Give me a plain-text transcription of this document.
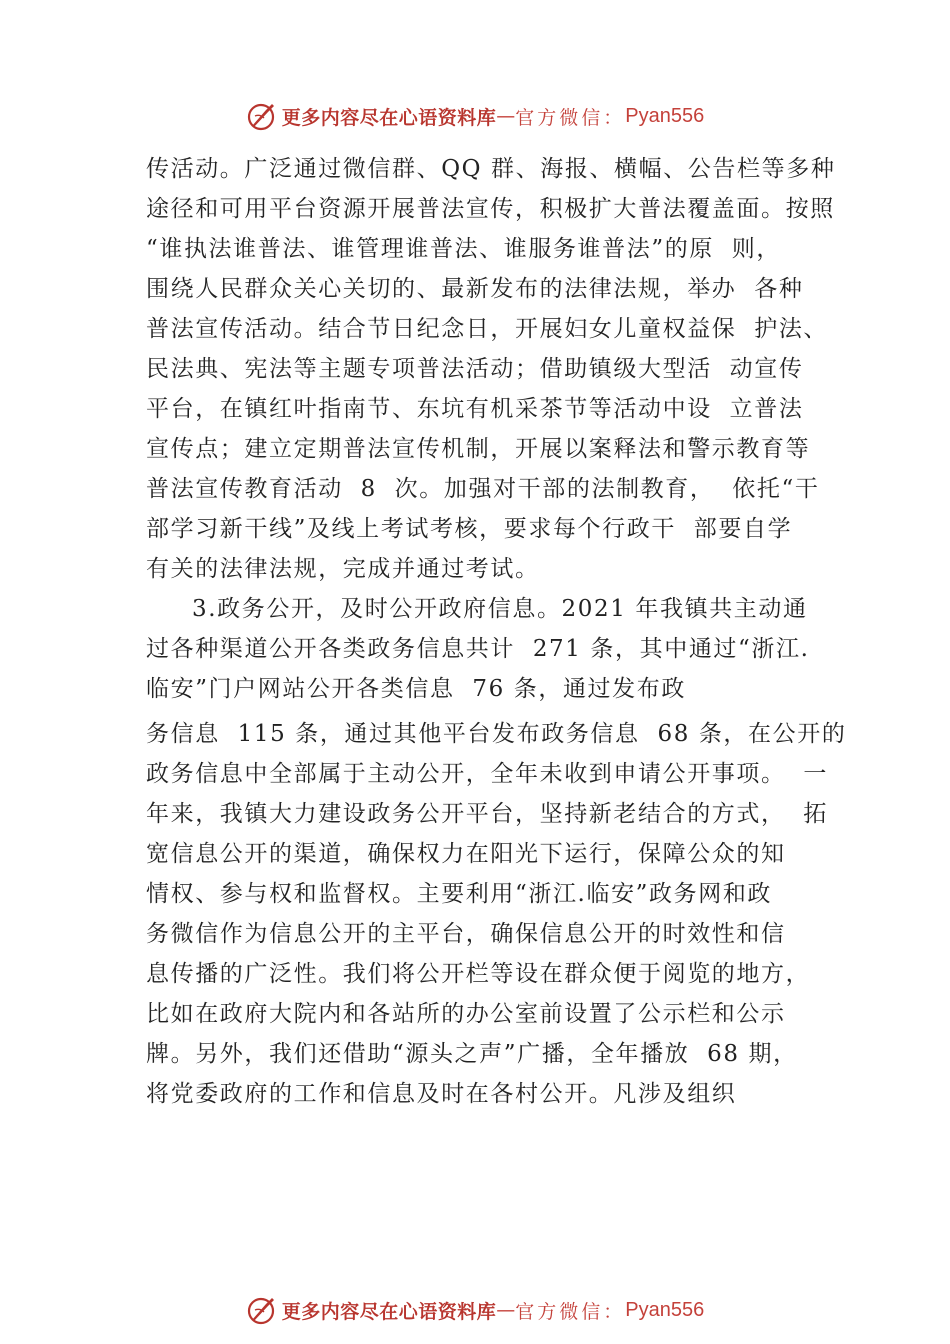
更多内容尽在心语资料库 — 官方微信： Pyan556
传活动。广泛通过微信群、QQ 群、海报、横幅、公告栏等多种
途径和可用平台资源开展普法宣传，积极扩大普法覆盖面。按照
“谁执法谁普法、谁管理谁普法、谁服务谁普法”的原  则，
围绕人民群众关心关切的、最新发布的法律法规，举办  各种
普法宣传活动。结合节日纪念日，开展妇女儿童权益保  护法、
民法典、宪法等主题专项普法活动；借助镇级大型活  动宣传
平台，在镇红叶指南节、东坑有机采茶节等活动中设  立普法
宣传点；建立定期普法宣传机制，开展以案释法和警示教育等
普法宣传教育活动  8  次。加强对干部的法制教育，  依托“干
部学习新干线”及线上考试考核，要求每个行政干  部要自学
有关的法律法规，完成并通过考试。
3.政务公开，及时公开政府信息。2021 年我镇共主动通
过各种渠道公开各类政务信息共计  271 条，其中通过“浙江.
临安”门户网站公开各类信息  76 条，通过发布政
务信息  115 条，通过其他平台发布政务信息  68 条，在公开的
政务信息中全部属于主动公开，全年未收到申请公开事项。  一
年来，我镇大力建设政务公开平台，坚持新老结合的方式，  拓
宽信息公开的渠道，确保权力在阳光下运行，保障公众的知
情权、参与权和监督权。主要利用“浙江.临安”政务网和政
务微信作为信息公开的主平台，确保信息公开的时效性和信
息传播的广泛性。我们将公开栏等设在群众便于阅览的地方，
比如在政府大院内和各站所的办公室前设置了公示栏和公示
牌。另外，我们还借助“源头之声”广播，全年播放  68 期，
将党委政府的工作和信息及时在各村公开。凡涉及组织
更多内容尽在心语资料库 — 官方微信： Pyan556
